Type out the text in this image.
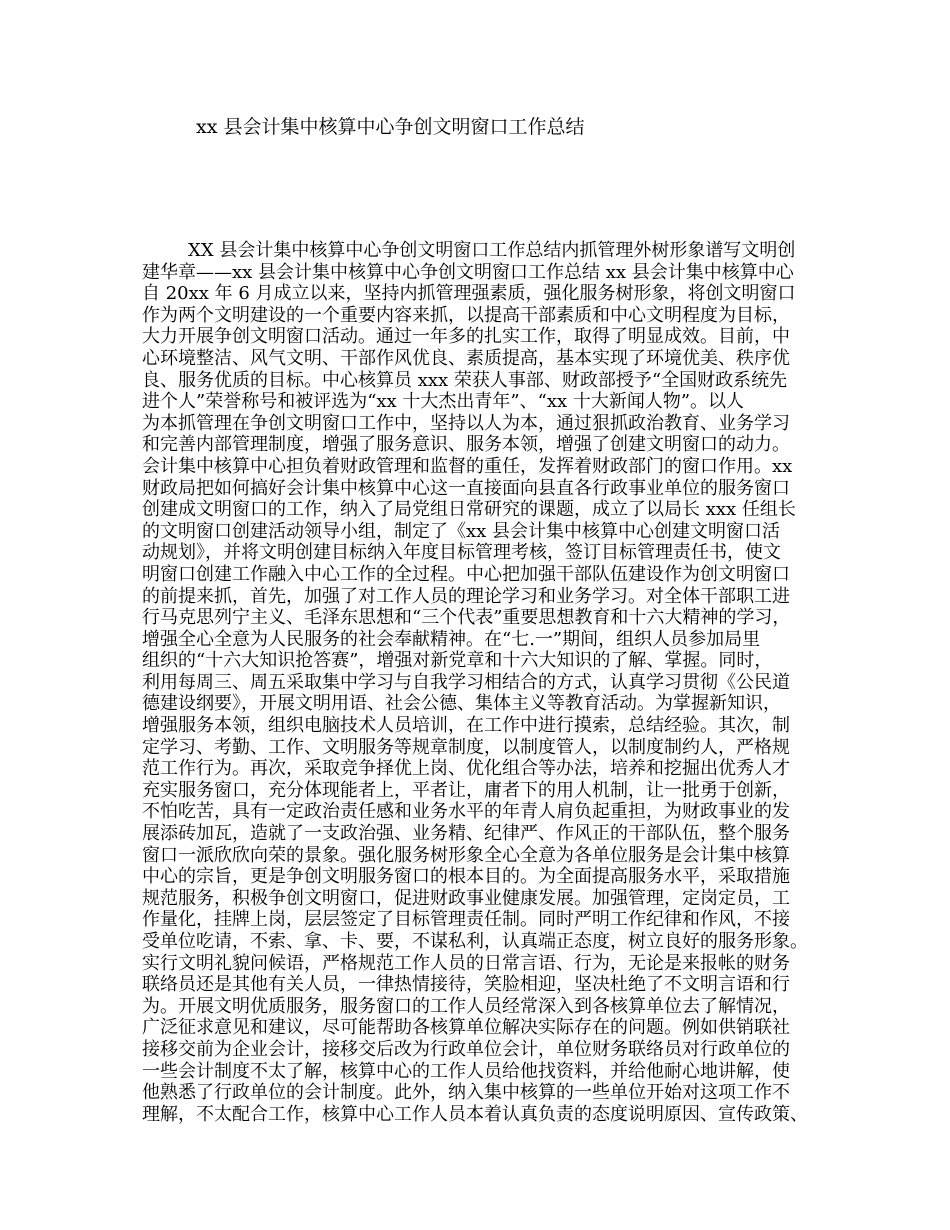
xx 县会计集中核算中心争创文明窗口工作总结
XX 县会计集中核算中心争创文明窗口工作总结内抓管理外树形象谱写文明创
建华章——xx 县会计集中核算中心争创文明窗口工作总结 xx 县会计集中核算中心
自 20xx 年 6 月成立以来，坚持内抓管理强素质，强化服务树形象，将创文明窗口
作为两个文明建设的一个重要内容来抓，以提高干部素质和中心文明程度为目标，
大力开展争创文明窗口活动。通过一年多的扎实工作，取得了明显成效。目前，中
心环境整洁、风气文明、干部作风优良、素质提高，基本实现了环境优美、秩序优
良、服务优质的目标。中心核算员 xxx 荣获人事部、财政部授予“全国财政系统先
进个人”荣誉称号和被评选为“xx 十大杰出青年”、“xx 十大新闻人物”。以人
为本抓管理在争创文明窗口工作中，坚持以人为本，通过狠抓政治教育、业务学习
和完善内部管理制度，增强了服务意识、服务本领，增强了创建文明窗口的动力。
会计集中核算中心担负着财政管理和监督的重任，发挥着财政部门的窗口作用。xx
财政局把如何搞好会计集中核算中心这一直接面向县直各行政事业单位的服务窗口
创建成文明窗口的工作，纳入了局党组日常研究的课题，成立了以局长 xxx 任组长
的文明窗口创建活动领导小组，制定了《xx 县会计集中核算中心创建文明窗口活
动规划》，并将文明创建目标纳入年度目标管理考核，签订目标管理责任书，使文
明窗口创建工作融入中心工作的全过程。中心把加强干部队伍建设作为创文明窗口
的前提来抓，首先，加强了对工作人员的理论学习和业务学习。对全体干部职工进
行马克思列宁主义、毛泽东思想和“三个代表”重要思想教育和十六大精神的学习，
增强全心全意为人民服务的社会奉献精神。在“七.一”期间，组织人员参加局里
组织的“十六大知识抢答赛”，增强对新党章和十六大知识的了解、掌握。同时，
利用每周三、周五采取集中学习与自我学习相结合的方式，认真学习贯彻《公民道
德建设纲要》，开展文明用语、社会公德、集体主义等教育活动。为掌握新知识，
增强服务本领，组织电脑技术人员培训，在工作中进行摸索，总结经验。其次，制
定学习、考勤、工作、文明服务等规章制度，以制度管人，以制度制约人，严格规
范工作行为。再次，采取竞争择优上岗、优化组合等办法，培养和挖掘出优秀人才
充实服务窗口，充分体现能者上，平者让，庸者下的用人机制，让一批勇于创新，
不怕吃苦，具有一定政治责任感和业务水平的年青人肩负起重担，为财政事业的发
展添砖加瓦，造就了一支政治强、业务精、纪律严、作风正的干部队伍，整个服务
窗口一派欣欣向荣的景象。强化服务树形象全心全意为各单位服务是会计集中核算
中心的宗旨，更是争创文明服务窗口的根本目的。为全面提高服务水平，采取措施
规范服务，积极争创文明窗口，促进财政事业健康发展。加强管理，定岗定员，工
作量化，挂牌上岗，层层签定了目标管理责任制。同时严明工作纪律和作风，不接
受单位吃请，不索、拿、卡、要，不谋私利，认真端正态度，树立良好的服务形象。
实行文明礼貌问候语，严格规范工作人员的日常言语、行为，无论是来报帐的财务
联络员还是其他有关人员，一律热情接待，笑脸相迎，坚决杜绝了不文明言语和行
为。开展文明优质服务，服务窗口的工作人员经常深入到各核算单位去了解情况，
广泛征求意见和建议，尽可能帮助各核算单位解决实际存在的问题。例如供销联社
接移交前为企业会计，接移交后改为行政单位会计，单位财务联络员对行政单位的
一些会计制度不太了解，核算中心的工作人员给他找资料，并给他耐心地讲解，使
他熟悉了行政单位的会计制度。此外，纳入集中核算的一些单位开始对这项工作不
理解，不太配合工作，核算中心工作人员本着认真负责的态度说明原因、宣传政策、
